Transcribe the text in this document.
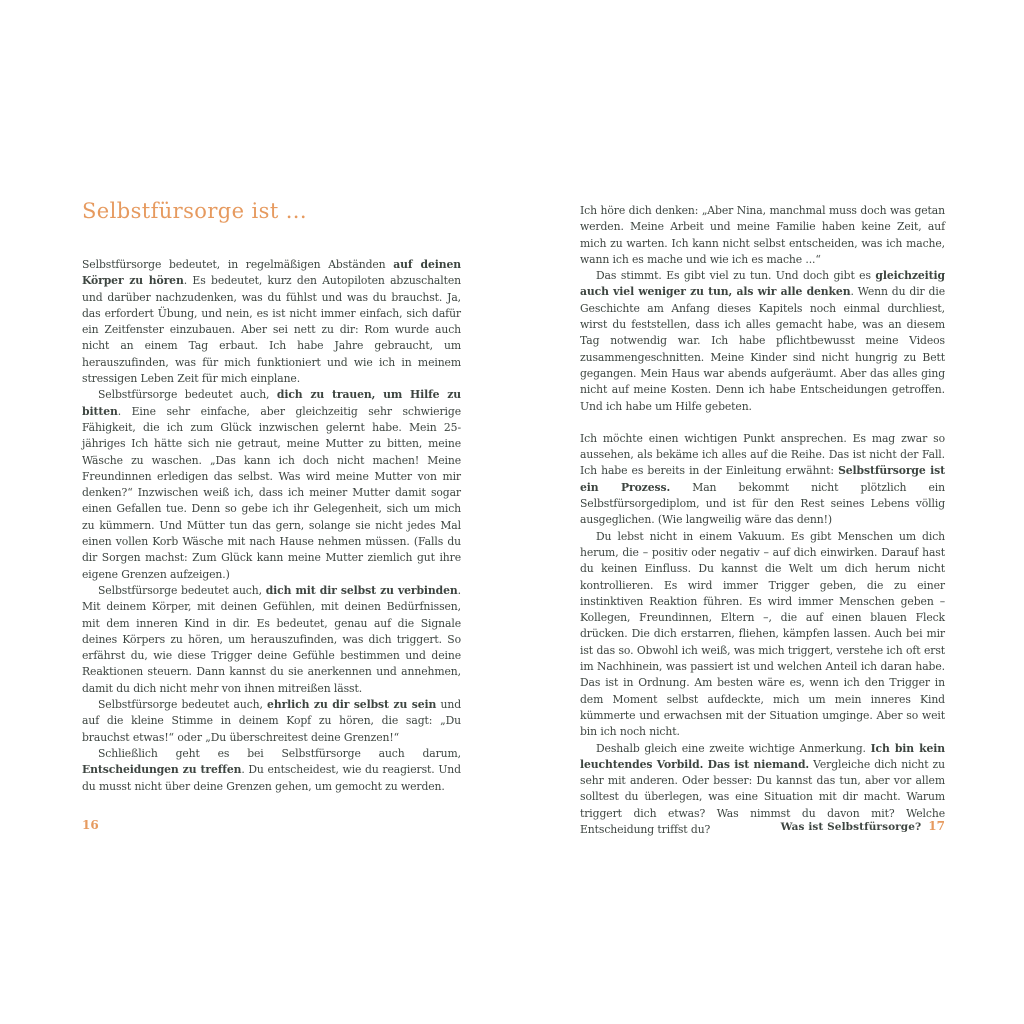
Selbstfürsorge ist ...

Selbstfürsorge bedeutet, in regelmäßigen Abständen auf deinen Körper zu hören. Es bedeutet, kurz den Autopiloten abzuschalten und darüber nachzudenken, was du fühlst und was du brauchst. Ja, das erfordert Übung, und nein, es ist nicht immer einfach, sich dafür ein Zeitfenster einzubauen. Aber sei nett zu dir: Rom wurde auch nicht an einem Tag erbaut. Ich habe Jahre gebraucht, um herauszufinden, was für mich funktioniert und wie ich in meinem stressigen Leben Zeit für mich einplane.

Selbstfürsorge bedeutet auch, dich zu trauen, um Hilfe zu bitten. Eine sehr einfache, aber gleichzeitig sehr schwierige Fähigkeit, die ich zum Glück inzwischen gelernt habe. Mein 25-jähriges Ich hätte sich nie getraut, meine Mutter zu bitten, meine Wäsche zu waschen. „Das kann ich doch nicht machen! Meine Freundinnen erledigen das selbst. Was wird meine Mutter von mir denken?“ Inzwischen weiß ich, dass ich meiner Mutter damit sogar einen Gefallen tue. Denn so gebe ich ihr Gelegenheit, sich um mich zu kümmern. Und Mütter tun das gern, solange sie nicht jedes Mal einen vollen Korb Wäsche mit nach Hause nehmen müssen. (Falls du dir Sorgen machst: Zum Glück kann meine Mutter ziemlich gut ihre eigene Grenzen aufzeigen.)

Selbstfürsorge bedeutet auch, dich mit dir selbst zu verbinden. Mit deinem Körper, mit deinen Gefühlen, mit deinen Bedürfnissen, mit dem inneren Kind in dir. Es bedeutet, genau auf die Signale deines Körpers zu hören, um herauszufinden, was dich triggert. So erfährst du, wie diese Trigger deine Gefühle bestimmen und deine Reaktionen steuern. Dann kannst du sie anerkennen und annehmen, damit du dich nicht mehr von ihnen mitreißen lässt.

Selbstfürsorge bedeutet auch, ehrlich zu dir selbst zu sein und auf die kleine Stimme in deinem Kopf zu hören, die sagt: „Du brauchst etwas!“ oder „Du überschreitest deine Grenzen!“

Schließlich geht es bei Selbstfürsorge auch darum, Entscheidungen zu treffen. Du entscheidest, wie du reagierst. Und du musst nicht über deine Grenzen gehen, um gemocht zu werden.

16

Ich höre dich denken: „Aber Nina, manchmal muss doch was getan werden. Meine Arbeit und meine Familie haben keine Zeit, auf mich zu warten. Ich kann nicht selbst entscheiden, was ich mache, wann ich es mache und wie ich es mache ...“

Das stimmt. Es gibt viel zu tun. Und doch gibt es gleichzeitig auch viel weniger zu tun, als wir alle denken. Wenn du dir die Geschichte am Anfang dieses Kapitels noch einmal durchliest, wirst du feststellen, dass ich alles gemacht habe, was an diesem Tag notwendig war. Ich habe pflichtbewusst meine Videos zusammengeschnitten. Meine Kinder sind nicht hungrig zu Bett gegangen. Mein Haus war abends aufgeräumt. Aber das alles ging nicht auf meine Kosten. Denn ich habe Entscheidungen getroffen. Und ich habe um Hilfe gebeten.

Ich möchte einen wichtigen Punkt ansprechen. Es mag zwar so aussehen, als bekäme ich alles auf die Reihe. Das ist nicht der Fall. Ich habe es bereits in der Einleitung erwähnt: Selbstfürsorge ist ein Prozess. Man bekommt nicht plötzlich ein Selbstfürsorgediplom, und ist für den Rest seines Lebens völlig ausgeglichen. (Wie langweilig wäre das denn!)

Du lebst nicht in einem Vakuum. Es gibt Menschen um dich herum, die – positiv oder negativ – auf dich einwirken. Darauf hast du keinen Einfluss. Du kannst die Welt um dich herum nicht kontrollieren. Es wird immer Trigger geben, die zu einer instinktiven Reaktion führen. Es wird immer Menschen geben – Kollegen, Freundinnen, Eltern –, die auf einen blauen Fleck drücken. Die dich erstarren, fliehen, kämpfen lassen. Auch bei mir ist das so. Obwohl ich weiß, was mich triggert, verstehe ich oft erst im Nachhinein, was passiert ist und welchen Anteil ich daran habe. Das ist in Ordnung. Am besten wäre es, wenn ich den Trigger in dem Moment selbst aufdeckte, mich um mein inneres Kind kümmerte und erwachsen mit der Situation umginge. Aber so weit bin ich noch nicht.

Deshalb gleich eine zweite wichtige Anmerkung. Ich bin kein leuchtendes Vorbild. Das ist niemand. Vergleiche dich nicht zu sehr mit anderen. Oder besser: Du kannst das tun, aber vor allem solltest du überlegen, was eine Situation mit dir macht. Warum triggert dich etwas? Was nimmst du davon mit? Welche Entscheidung triffst du?	Was ist Selbstfürsorge? 17
